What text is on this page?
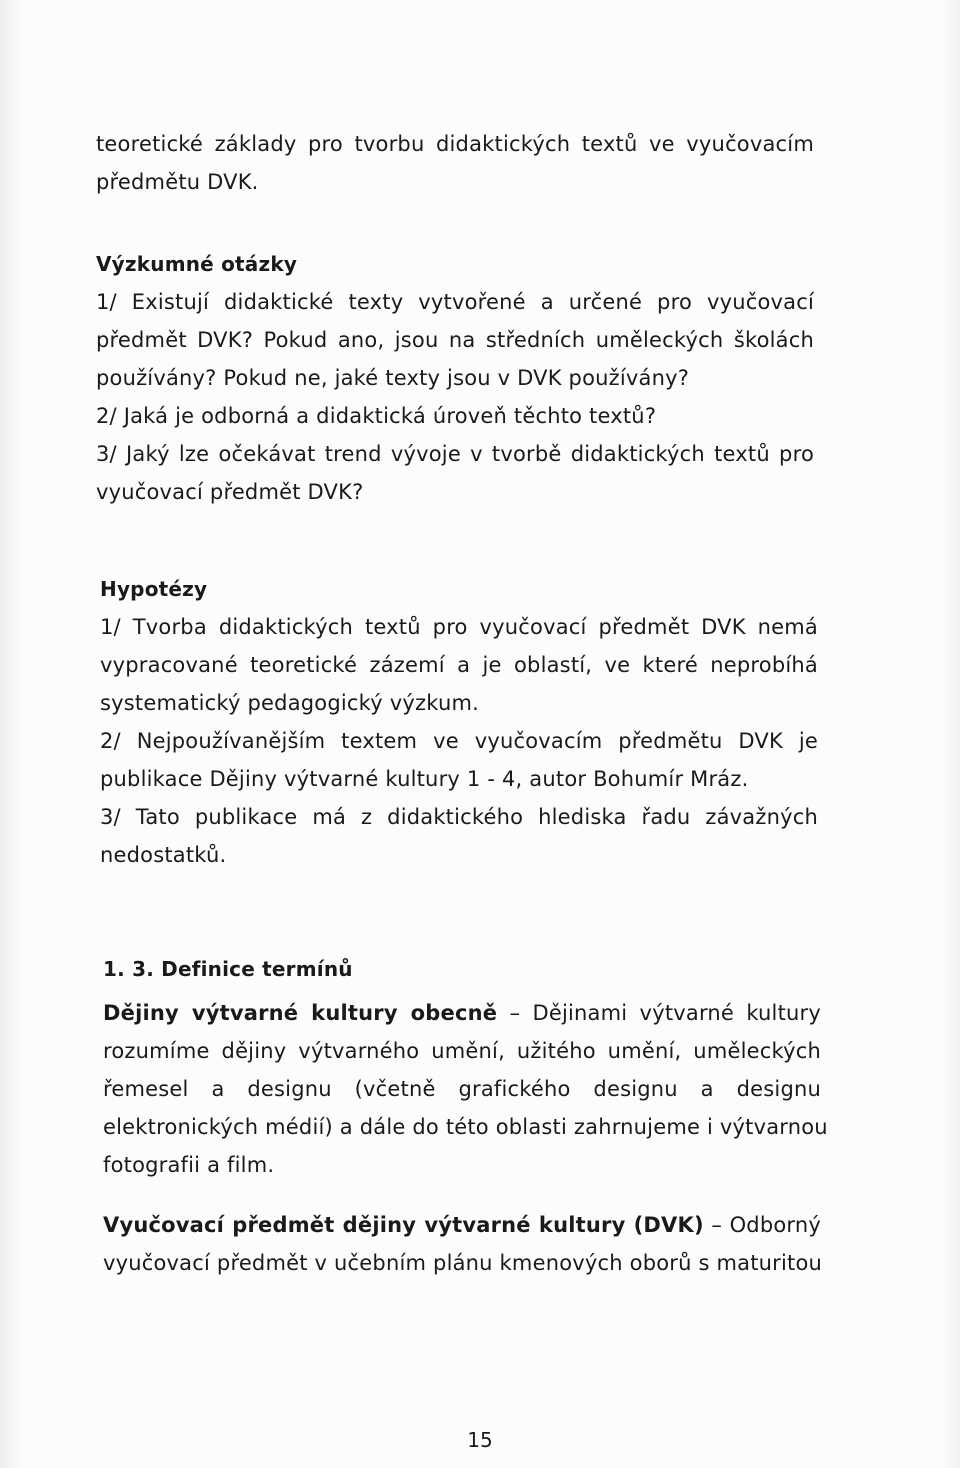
teoretické základy pro tvorbu didaktických textů ve vyučovacím
předmětu DVK.
Výzkumné otázky
1/ Existují didaktické texty vytvořené a určené pro vyučovací
předmět DVK? Pokud ano, jsou na středních uměleckých školách
používány? Pokud ne, jaké texty jsou v DVK používány?
2/ Jaká je odborná a didaktická úroveň těchto textů?
3/ Jaký lze očekávat trend vývoje v tvorbě didaktických textů pro
vyučovací předmět DVK?
Hypotézy
1/ Tvorba didaktických textů pro vyučovací předmět DVK nemá
vypracované teoretické zázemí a je oblastí, ve které neprobíhá
systematický pedagogický výzkum.
2/ Nejpoužívanějším textem ve vyučovacím předmětu DVK je
publikace Dějiny výtvarné kultury 1 - 4, autor Bohumír Mráz.
3/ Tato publikace má z didaktického hlediska řadu závažných
nedostatků.
1. 3. Definice termínů
Dějiny výtvarné kultury obecně – Dějinami výtvarné kultury
rozumíme dějiny výtvarného umění, užitého umění, uměleckých
řemesel a designu (včetně grafického designu a designu
elektronických médií) a dále do této oblasti zahrnujeme i výtvarnou
fotografii a film.
Vyučovací předmět dějiny výtvarné kultury (DVK) – Odborný
vyučovací předmět v učebním plánu kmenových oborů s maturitou
15
